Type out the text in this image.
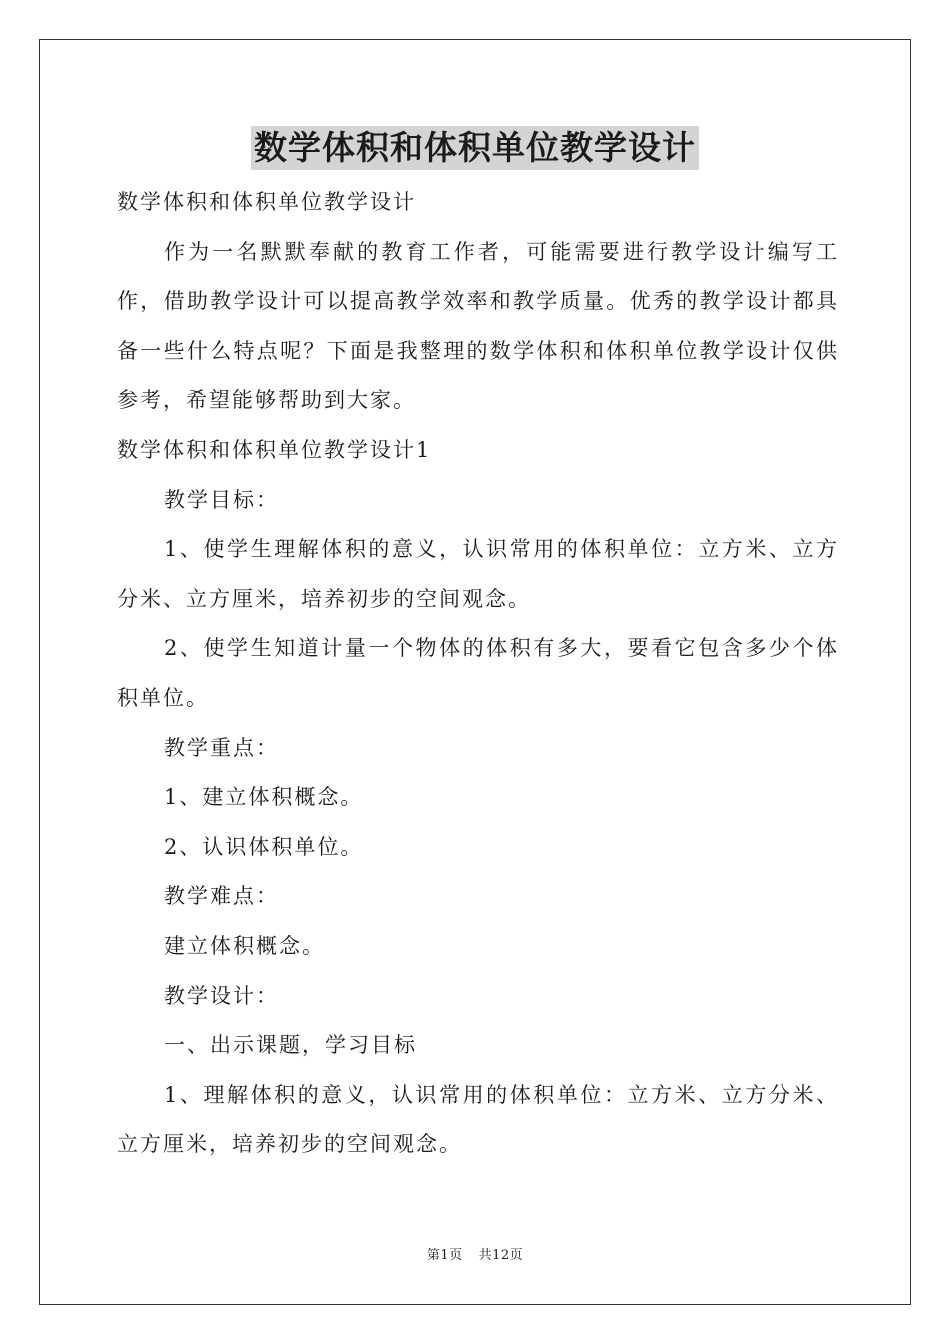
数学体积和体积单位教学设计

数学体积和体积单位教学设计

作为一名默默奉献的教育工作者，可能需要进行教学设计编写工作，借助教学设计可以提高教学效率和教学质量。优秀的教学设计都具备一些什么特点呢？下面是我整理的数学体积和体积单位教学设计仅供参考，希望能够帮助到大家。

数学体积和体积单位教学设计1

教学目标：

1、使学生理解体积的意义，认识常用的体积单位：立方米、立方分米、立方厘米，培养初步的空间观念。

2、使学生知道计量一个物体的体积有多大，要看它包含多少个体积单位。

教学重点：

1、建立体积概念。

2、认识体积单位。

教学难点：

建立体积概念。

教学设计：

一、出示课题，学习目标

1、理解体积的意义，认识常用的体积单位：立方米、立方分米、立方厘米，培养初步的空间观念。

第1页 共12页
